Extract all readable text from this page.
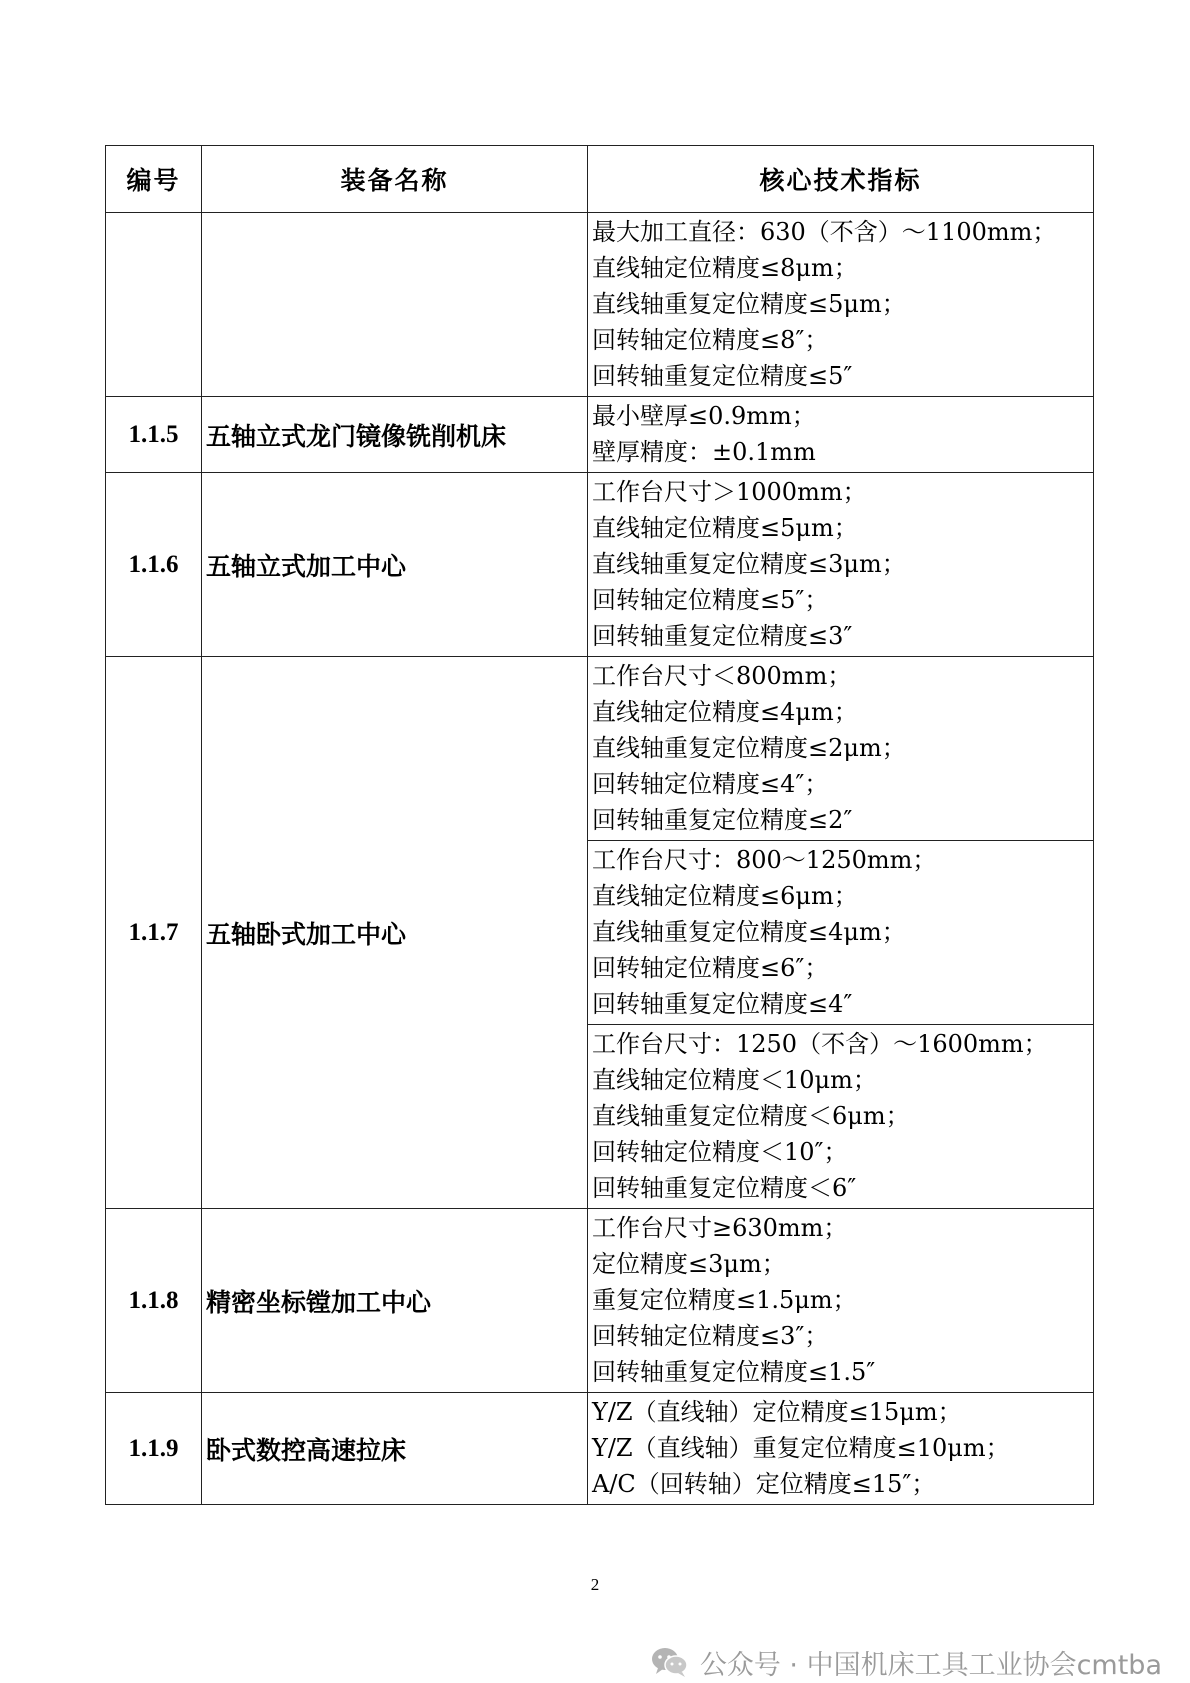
编号	装备名称	核心技术指标

		最大加工直径：630（不含）～1100mm；
直线轴定位精度≤8μm；
直线轴重复定位精度≤5μm；
回转轴定位精度≤8″；
回转轴重复定位精度≤5″

1.1.5	五轴立式龙门镜像铣削机床	最小壁厚≤0.9mm；
壁厚精度：±0.1mm

1.1.6	五轴立式加工中心	工作台尺寸＞1000mm；
直线轴定位精度≤5μm；
直线轴重复定位精度≤3μm；
回转轴定位精度≤5″；
回转轴重复定位精度≤3″

1.1.7	五轴卧式加工中心	工作台尺寸＜800mm；
直线轴定位精度≤4μm；
直线轴重复定位精度≤2μm；
回转轴定位精度≤4″；
回转轴重复定位精度≤2″

		工作台尺寸：800～1250mm；
直线轴定位精度≤6μm；
直线轴重复定位精度≤4μm；
回转轴定位精度≤6″；
回转轴重复定位精度≤4″

		工作台尺寸：1250（不含）～1600mm；
直线轴定位精度＜10μm；
直线轴重复定位精度＜6μm；
回转轴定位精度＜10″；
回转轴重复定位精度＜6″

1.1.8	精密坐标镗加工中心	工作台尺寸≥630mm；
定位精度≤3μm；
重复定位精度≤1.5μm；
回转轴定位精度≤3″；
回转轴重复定位精度≤1.5″

1.1.9	卧式数控高速拉床	Y/Z（直线轴）定位精度≤15μm；
Y/Z（直线轴）重复定位精度≤10μm；
A/C（回转轴）定位精度≤15″；
2
公众号 · 中国机床工具工业协会cmtba
